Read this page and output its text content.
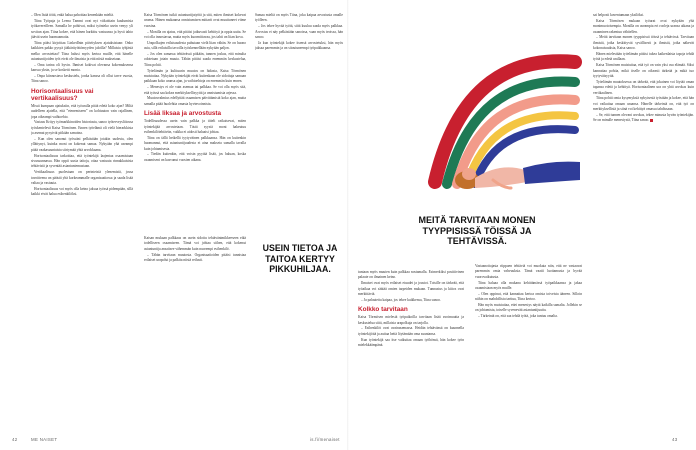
– Olen lisää töitä, enkä halua pahoittaa kenenkään mieltä.

Tiina Työpaja ja Leena Tammi ovat nyt viikoittain kuulumisia työkavereilleen. Samalla he pohtivat, miksi työnteko usein venyy yli sovitun ajan. Tiina kokee, että hänen harkittu vastuunsa ja hyvä tahto jäävät usein huomaamatta.

Tiina pääsi kirjoittaa LinkedInin päivityksen ajatuksistaan: Onko kaikkien pakko pysyä jääkärityöttömyyden jaloilla? Millaisia tyhjästä melko arvostettaa? Tiina halusi myös kertoa muille, että hänelle asiantuntijoiden työt eivät ole ilmaisia ja että niistä maksetaan.

– Oma tarina oli hyvin. Ihmiset kokivat olevansa kokemuksensa kanssa yksin, ja se kosketti monia.

– Onpa kiinnostava keskustelu, jonka kanssa oli ollut tarve vuosia, Tiina sanoo.

Horisontaalisuus vai vertikaalisuus?

Missä kumpaan ajatuksiin, että työuralla pitää edetä koko ajan? Miltä uudelleen ajatella, että ”etenemiseen” on kohtuuton vain rajallinen, jopa oikeampi vaihtoehto.

Vastaus Krityy työmarkkinoiden historiasta, sanoo työterveysliitossa työskentelevä Kaisa Törmönen. Ennen työelämä oli vielä hierarkkista ja asemat pysyivät pitkään samoina.

– Kun olen sanonut työssäni pelkästään jotakin uudesta, olen yllättynyt, kuinka moni on kokenut samaa. Nykyään yhä useampi pitää vaakasuuntaista siirtymää yhtä arvokkaana.

Horisontaalisuus tarkoittaa, että työntekijä laajentaa osaamistaan sivusuunnassa. Hän oppii uusia taitoja, ottaa vastuuta rinnakkaisista tehtävistä ja syventää asiantuntemustaan.

Vertikaalisuus puolestaan on perinteistä ylenemistä, jossa tavoitteena on päästä yhä korkeammalle organisaatiossa ja saada lisää valtaa ja vastuuta.

Horisontaalisuus voi myös olla keino jaksaa työssä pidempään, sillä kaikki eivät halua esihenkilöksi.

Kaisa Törmönen tutkii asiantuntijatyötä ja sitä, miten ihmiset kokevat uransa. Hänen mukaansa onnistumisen mittarit ovat muuttuneet viime vuosina.

– Monilla on ajatus, että pitäisi jatkuvasti kehittyä ja oppia uutta. Se voi olla innostavaa, mutta myös kuormittavaa, jos tahti on liian kova.

Urapolkujen erilaisuudesta puhutaan vielä liian vähän. Se on huono asia, sillä erilaisilla tavoilla työskennellään nykyään paljon.

– Jos olen samassa tehtävässä pitkään, tunnen joskus, että minulta odotetaan jotain muuta. Tähän pitäisi saada enemmän keskustelua, Tiina pohtii.

Työelämän ja kulttuurin muutos on hidasta, Kaisa Törmönen muistuttaa. Nykyään työntekijät eivät kuitenkaan ole sidottuja samaan paikkaan koko uransa ajan, ja vaihtoehtoja on enemmän kuin ennen.

– Menestys ei ole vain asemaa tai palkkaa. Se voi olla myös sitä, että työssä saa kokea merkityksellisyyttä ja onnistumisia arjessa.

Muutosvalmius edellyttää osaamisen päivittämistä koko ajan, mutta samalla pitää huolehtia omasta hyvinvoinnista.

Lisää liksaa ja arvostusta

Todellisuudessa usein vain palkka ja titteli ratkaisevat, miten työntekijää arvostetaan. Tästä syystä moni hakeutuu esihenkilötehtäviin, vaikka ei aidosti haluaisi johtaa.

Tiina on tällä hetkellä tyytyväinen palkkaansa. Hän on kuitenkin huomannut, että asiantuntijuudesta ei aina makseta samalla tavalla kuin johtamisesta.

– Tiedän kuitenkin, että voisin pyytää lisää, jos haluan, koska osaamiseni on kasvanut vuosien aikana.

Kaisan mukaan palkkaus on usein sidottu tehtävänimikkeeseen eikä todelliseen osaamiseen. Tämä voi johtaa siihen, että kokenut asiantuntija ansaitsee vähemmän kuin nuorempi esihenkilö.

– Tähän tarvitaan muutosta. Organisaatioiden pitäisi tunnistaa erilaiset urapolut ja palkita niistä reilusti.

Samaa mieltä on myös Tiina, joka kaipaa arvostusta omalle työlleen.

– Jos tekee hyvää työtä, siitä kuuluu saada myös palkkaa. Arvostus ei näy pelkästään sanoissa, vaan myös teoissa, hän sanoo.

Ja kun työntekijä kokee itsensä arvostetuksi, hän myös jaksaa paremmin ja on sitoutuneempi työpaikkaansa.

USEIN TIETOA JA TAITOA KERTYY PIKKUHILJAA.
MEITÄ TARVITAAN MONEN TYYPPISISSÄ TÖISSÄ JA TEHTÄVISSÄ.

tuntaan myös muuten kuin palkkaa nostamalla. Esimerkiksi positiivinen palaute on ilmainen keino.

Ilmaiset ovat myös erilaiset etuudet ja joustot. Toisille on tärkeää, että työaikaa voi säätää omien tarpeiden mukaan. Tunnustus ja kiitos ovat merkittäviä.

– Ja palautetta kaipaa, jos tekee kaikkensa, Tiina sanoo.

Kolkko tarvitaan

Kaisa Törmösen mielestä työpaikoilla tarvitaan lisää avoimuutta ja keskustelua siitä, millaisia urapolkuja on tarjolla.

– Esihenkilöt ovat avainasemassa. Heidän tehtävänsä on kuunnella työntekijöitä ja auttaa heitä löytämään oma suuntansa.

Kun työntekijä saa itse vaikuttaa omaan työhönsä, hän kokee työn mielekkäämpänä.

Vastaanottajasta riippuen tehtäviä voi muokata niin, että ne vastaavat paremmin omia vahvuuksia. Tämä vaatii luottamusta ja hyvää vuorovaikutusta.

Tiina haluaa olla mukana kehittämässä työpaikkaansa ja jakaa osaamistaan myös muille.

– Olen oppinut, että kannattaa kertoa omista toiveista ääneen. Silloin niihin on mahdollista tarttua, Tiina kertoo.

Hän myös muistuttaa, ettei menestys näytä kaikilla samalta. Jollekin se on johtamista, toiselle syvenevää asiantuntijuutta.

– Tärkeintä on, että saa tehdä työtä, joka tuntuu omalta.

sai helposti kaventumaan yksilöksi.

Kaisa Törmösen mukaan työurat ovat nykyään yhä monimuotoisempia. Monilla on useampia eri rooleja uransa aikana ja osaaminen rakentuu vähitellen.

– Meitä tarvitaan monen tyyppisissä töissä ja tehtävissä. Tarvitaan ihmisiä, jotka keskittyvät syvällisesti ja ihmisiä, jotka näkevät kokonaisuuksia, Kaisa sanoo.

Hänen mielestään työelämän pitäisi tukea kaikenlaisia tapoja tehdä työtä ja edetä urallaan.

Kaisa Törmönen muistuttaa, että työ on vain yksi osa elämää. Siksi kannattaa pohtia, mikä itselle on oikeasti tärkeää ja mikä tuo tyytyväisyyttä.

Työelämän muutoksessa on tärkeää, että jokainen voi löytää oman tapansa edetä ja kehittyä. Horisontaalinen ura on yhtä arvokas kuin vertikaalinen.

Tiina pohtii omia kysymyksiä nykyisestä työstään ja kokee, että hän voi vaikuttaa omaan uraansa. Hänelle tärkeintä on, että työ on merkityksellistä ja siinä voi kehittyä omassa tahdissaan.

– Se, että tunnen olevani arvokas, tekee minusta hyvän työntekijän. Se on minulle menestystä, Tiina sanoo.

42	ME NAISET	is.fi/menaiset	43
